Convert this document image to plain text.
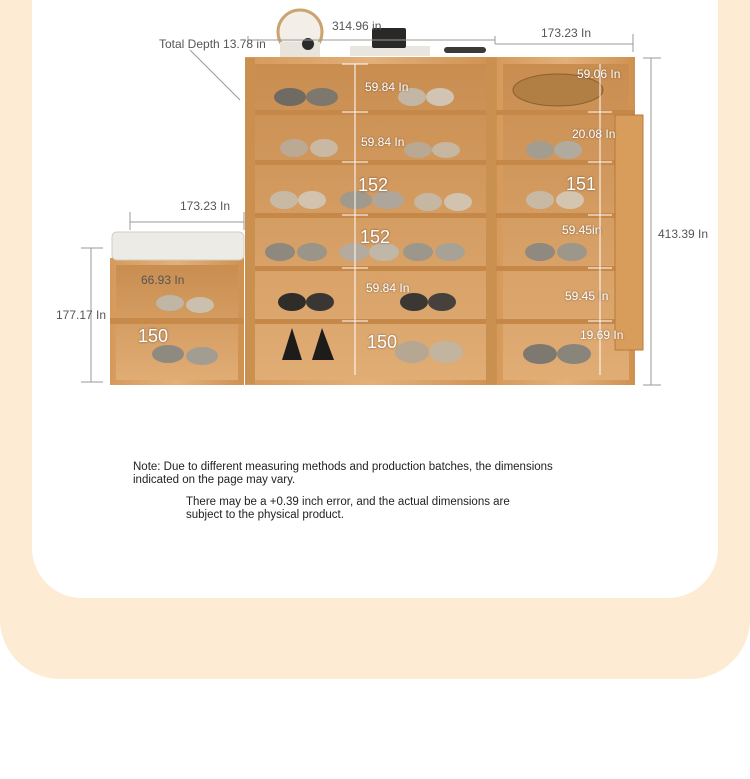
Total Depth 13.78 in
314.96 in	173.23 In
59.06 In
59.84 In
59.84 In
20.08 In
152	151
173.23 In
152	59.45in	413.39 In
66.93 In
59.84 In
59.45 In
177.17 In
19.69 In
150	150
Note: Due to different measuring methods and production batches, the dimensions
indicated on the page may vary.
There may be a +0.39 inch error, and the actual dimensions are
subject to the physical product.
